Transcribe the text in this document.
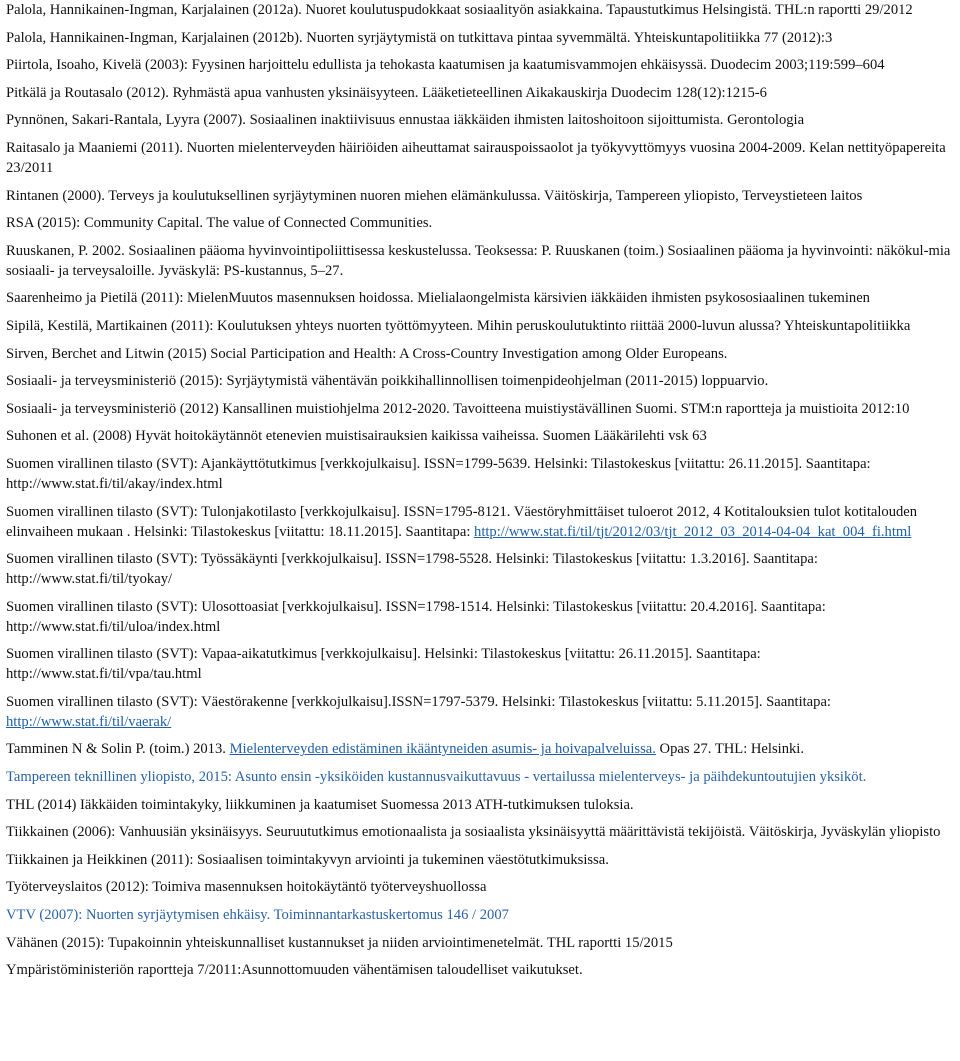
Palola, Hannikainen-Ingman, Karjalainen (2012a). Nuoret koulutuspudokkaat sosiaalityön asiakkaina. Tapaustutkimus Helsingistä. THL:n raportti 29/2012

Palola, Hannikainen-Ingman, Karjalainen (2012b). Nuorten syrjäytymistä on tutkittava pintaa syvemmältä. Yhteiskuntapolitiikka 77 (2012):3

Piirtola, Isoaho, Kivelä (2003): Fyysinen harjoittelu edullista ja tehokasta kaatumisen ja kaatumisvammojen ehkäisyssä. Duodecim 2003;119:599–604

Pitkälä ja Routasalo (2012). Ryhmästä apua vanhusten yksinäisyyteen. Lääketieteellinen Aikakauskirja Duodecim 128(12):1215-6

Pynnönen, Sakari-Rantala, Lyyra (2007). Sosiaalinen inaktiivisuus ennustaa iäkkäiden ihmisten laitoshoitoon sijoittumista. Gerontologia

Raitasalo ja Maaniemi (2011). Nuorten mielenterveyden häiriöiden aiheuttamat sairauspoissaolot ja työkyvyttömyys vuosina 2004-2009. Kelan nettityöpapereita 23/2011

Rintanen (2000). Terveys ja koulutuksellinen syrjäytyminen nuoren miehen elämänkulussa. Väitöskirja, Tampereen yliopisto, Terveystieteen laitos

RSA (2015): Community Capital. The value of Connected Communities.

Ruuskanen, P. 2002. Sosiaalinen pääoma hyvinvointipoliittisessa keskustelussa. Teoksessa: P. Ruuskanen (toim.) Sosiaalinen pääoma ja hyvinvointi: näkökul-mia sosiaali- ja terveysaloille. Jyväskylä: PS-kustannus, 5–27.

Saarenheimo ja Pietilä (2011): MielenMuutos masennuksen hoidossa. Mielialaongelmista kärsivien iäkkäiden ihmisten psykososiaalinen tukeminen

Sipilä, Kestilä, Martikainen (2011): Koulutuksen yhteys nuorten työttömyyteen. Mihin peruskoulutuktinto riittää 2000-luvun alussa? Yhteiskuntapolitiikka

Sirven, Berchet and Litwin (2015) Social Participation and Health: A Cross-Country Investigation among Older Europeans.

Sosiaali- ja terveysministeriö (2015): Syrjäytymistä vähentävän poikkihallinnollisen toimenpideohjelman (2011-2015) loppuarvio.

Sosiaali- ja terveysministeriö (2012) Kansallinen muistiohjelma 2012-2020. Tavoitteena muistiystävällinen Suomi. STM:n raportteja ja muistioita 2012:10

Suhonen et al. (2008) Hyvät hoitokäytännöt etenevien muistisairauksien kaikissa vaiheissa. Suomen Lääkärilehti vsk 63

Suomen virallinen tilasto (SVT): Ajankäyttötutkimus [verkkojulkaisu]. ISSN=1799-5639. Helsinki: Tilastokeskus [viitattu: 26.11.2015]. Saantitapa: http://www.stat.fi/til/akay/index.html

Suomen virallinen tilasto (SVT): Tulonjakotilasto [verkkojulkaisu]. ISSN=1795-8121. Väestöryhmittäiset tuloerot 2012, 4 Kotitalouksien tulot kotitalouden elinvaiheen mukaan . Helsinki: Tilastokeskus [viitattu: 18.11.2015]. Saantitapa: http://www.stat.fi/til/tjt/2012/03/tjt_2012_03_2014-04-04_kat_004_fi.html

Suomen virallinen tilasto (SVT): Työssäkäynti [verkkojulkaisu]. ISSN=1798-5528. Helsinki: Tilastokeskus [viitattu: 1.3.2016]. Saantitapa: http://www.stat.fi/til/tyokay/

Suomen virallinen tilasto (SVT): Ulosottoasiat [verkkojulkaisu]. ISSN=1798-1514. Helsinki: Tilastokeskus [viitattu: 20.4.2016]. Saantitapa: http://www.stat.fi/til/uloa/index.html

Suomen virallinen tilasto (SVT): Vapaa-aikatutkimus [verkkojulkaisu]. Helsinki: Tilastokeskus [viitattu: 26.11.2015]. Saantitapa: http://www.stat.fi/til/vpa/tau.html

Suomen virallinen tilasto (SVT): Väestörakenne [verkkojulkaisu].ISSN=1797-5379. Helsinki: Tilastokeskus [viitattu: 5.11.2015]. Saantitapa: http://www.stat.fi/til/vaerak/

Tamminen N & Solin P. (toim.) 2013. Mielenterveyden edistäminen ikääntyneiden asumis- ja hoivapalveluissa. Opas 27. THL: Helsinki.

Tampereen teknillinen yliopisto, 2015: Asunto ensin -yksiköiden kustannusvaikuttavuus - vertailussa mielenterveys- ja päihdekuntoutujien yksiköt.

THL (2014) Iäkkäiden toimintakyky, liikkuminen ja kaatumiset Suomessa 2013 ATH-tutkimuksen tuloksia.

Tiikkainen (2006): Vanhuusiän yksinäisyys. Seuruututkimus emotionaalista ja sosiaalista yksinäisyyttä määrittävistä tekijöistä. Väitöskirja, Jyväskylän yliopisto

Tiikkainen ja Heikkinen (2011): Sosiaalisen toimintakyvyn arviointi ja tukeminen väestötutkimuksissa.

Työterveyslaitos (2012): Toimiva masennuksen hoitokäytäntö työterveyshuollossa

VTV (2007): Nuorten syrjäytymisen ehkäisy. Toiminnantarkastuskertomus 146 / 2007

Vähänen (2015): Tupakoinnin yhteiskunnalliset kustannukset ja niiden arviointimenetelmät. THL raportti 15/2015

Ympäristöministeriön raportteja 7/2011:Asunnottomuuden vähentämisen taloudelliset vaikutukset.
